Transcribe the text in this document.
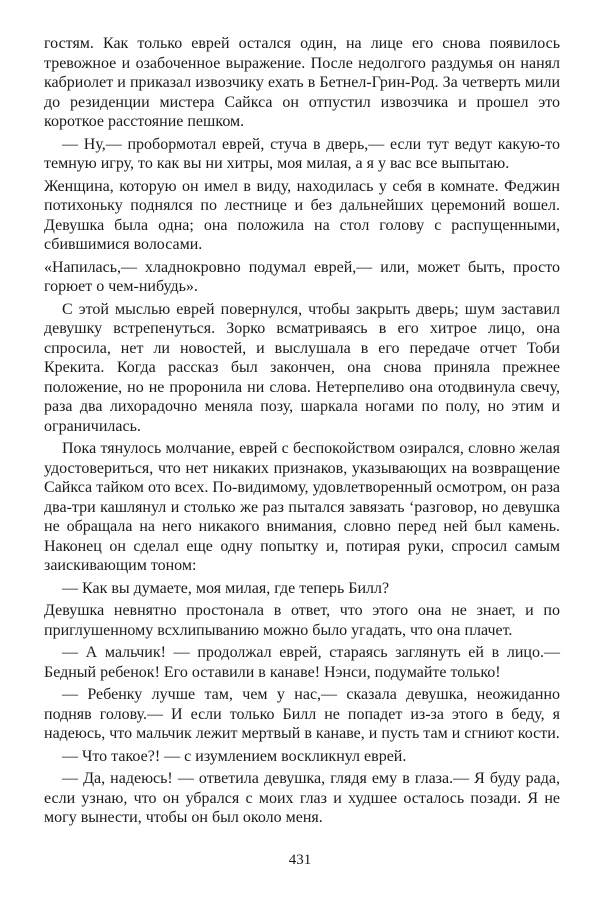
гостям. Как только еврей остался один, на лице его снова появилось тревожное и озабоченное выражение. После недолгого раздумья он нанял кабриолет и приказал извозчику ехать в Бетнел-Грин-Род. За четверть мили до резиденции мистера Сайкса он отпустил извозчика и прошел это короткое расстояние пешком.

— Ну,— пробормотал еврей, стуча в дверь,— если тут ведут какую-то темную игру, то как вы ни хитры, моя милая, а я у вас все выпытаю.

Женщина, которую он имел в виду, находилась у себя в комнате. Феджин потихоньку поднялся по лестнице и без дальнейших церемоний вошел. Девушка была одна; она положила на стол голову с распущенными, сбившимися волосами.

«Напилась,— хладнокровно подумал еврей,— или, может быть, просто горюет о чем-нибудь».

С этой мыслью еврей повернулся, чтобы закрыть дверь; шум заставил девушку встрепенуться. Зорко всматриваясь в его хитрое лицо, она спросила, нет ли новостей, и выслушала в его передаче отчет Тоби Крекита. Когда рассказ был закончен, она снова приняла прежнее положение, но не проронила ни слова. Нетерпеливо она отодвинула свечу, раза два лихорадочно меняла позу, шаркала ногами по полу, но этим и ограничилась.

Пока тянулось молчание, еврей с беспокойством озирался, словно желая удостовериться, что нет никаких признаков, указывающих на возвращение Сайкса тайком ото всех. По-видимому, удовлетворенный осмотром, он раза два-три кашлянул и столько же раз пытался завязать ‘разговор, но девушка не обращала на него никакого внимания, словно перед ней был камень. Наконец он сделал еще одну попытку и, потирая руки, спросил самым заискивающим тоном:

— Как вы думаете, моя милая, где теперь Билл?

Девушка невнятно простонала в ответ, что этого она не знает, и по приглушенному всхлипыванию можно было угадать, что она плачет.

— А мальчик! — продолжал еврей, стараясь заглянуть ей в лицо.— Бедный ребенок! Его оставили в канаве! Нэнси, подумайте только!

— Ребенку лучше там, чем у нас,— сказала девушка, неожиданно подняв голову.— И если только Билл не попадет из-за этого в беду, я надеюсь, что мальчик лежит мертвый в канаве, и пусть там и сгниют кости.

— Что такое?! — с изумлением воскликнул еврей.

— Да, надеюсь! — ответила девушка, глядя ему в глаза.— Я буду рада, если узнаю, что он убрался с моих глаз и худшее осталось позади. Я не могу вынести, чтобы он был около меня.

431
